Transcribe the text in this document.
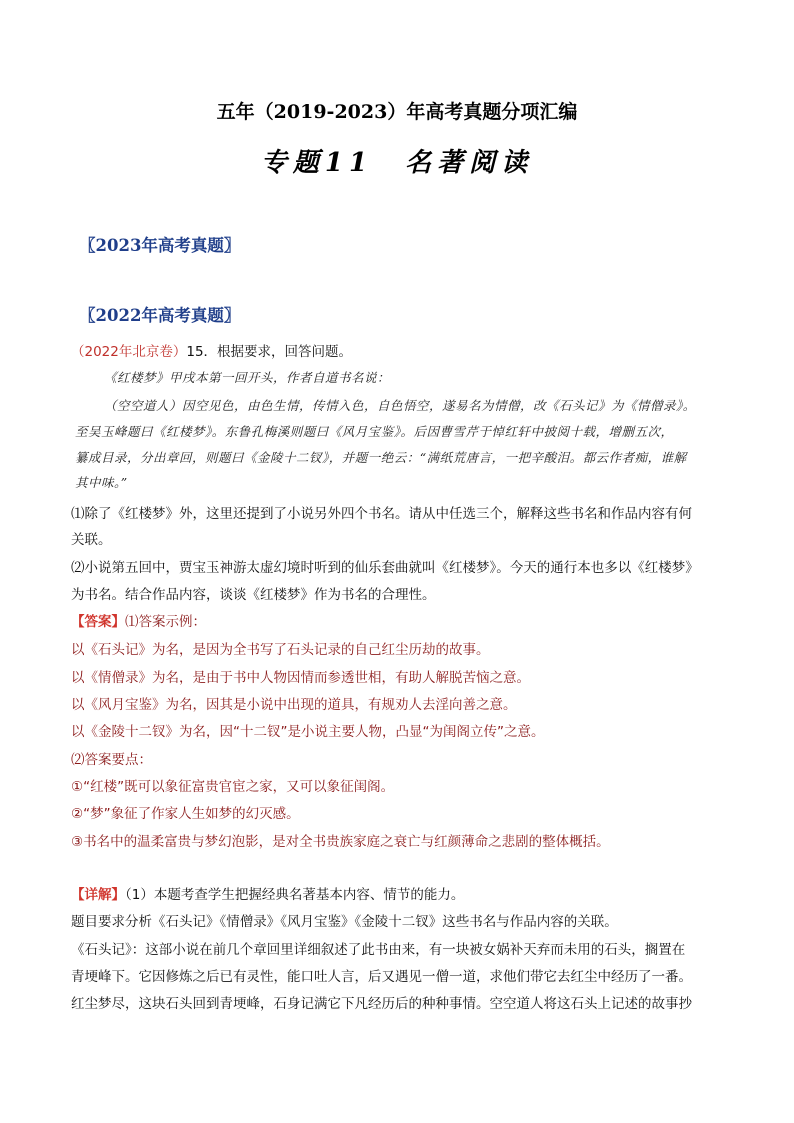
五年（2019-2023）年高考真题分项汇编
专题11　名著阅读
〖2023年高考真题〗
〖2022年高考真题〗
（2022年北京卷）15．根据要求，回答问题。
《红楼梦》甲戌本第一回开头，作者自道书名说：
（空空道人）因空见色，由色生情，传情入色，自色悟空，遂易名为情僧，改《石头记》为《情僧录》。
至吴玉峰题曰《红楼梦》。东鲁孔梅溪则题曰《风月宝鉴》。后因曹雪芹于悼红轩中披阅十载，增删五次，
纂成目录，分出章回，则题曰《金陵十二钗》，并题一绝云：“满纸荒唐言，一把辛酸泪。都云作者痴，谁解
其中味。”
⑴除了《红楼梦》外，这里还提到了小说另外四个书名。请从中任选三个，解释这些书名和作品内容有何
关联。
⑵小说第五回中，贾宝玉神游太虚幻境时听到的仙乐套曲就叫《红楼梦》。今天的通行本也多以《红楼梦》
为书名。结合作品内容，谈谈《红楼梦》作为书名的合理性。
【答案】⑴答案示例：
以《石头记》为名，是因为全书写了石头记录的自己红尘历劫的故事。
以《情僧录》为名，是由于书中人物因情而参透世相，有助人解脱苦恼之意。
以《风月宝鉴》为名，因其是小说中出现的道具，有规劝人去淫向善之意。
以《金陵十二钗》为名，因“十二钗”是小说主要人物，凸显“为闺阁立传”之意。
⑵答案要点：
①“红楼”既可以象征富贵官宦之家，又可以象征闺阁。
②“梦”象征了作家人生如梦的幻灭感。
③书名中的温柔富贵与梦幻泡影，是对全书贵族家庭之衰亡与红颜薄命之悲剧的整体概括。
【详解】（1）本题考查学生把握经典名著基本内容、情节的能力。
题目要求分析《石头记》《情僧录》《风月宝鉴》《金陵十二钗》这些书名与作品内容的关联。
《石头记》：这部小说在前几个章回里详细叙述了此书由来，有一块被女娲补天弃而未用的石头，搁置在
青埂峰下。它因修炼之后已有灵性，能口吐人言，后又遇见一僧一道，求他们带它去红尘中经历了一番。
红尘梦尽，这块石头回到青埂峰，石身记满它下凡经历后的种种事情。空空道人将这石头上记述的故事抄
